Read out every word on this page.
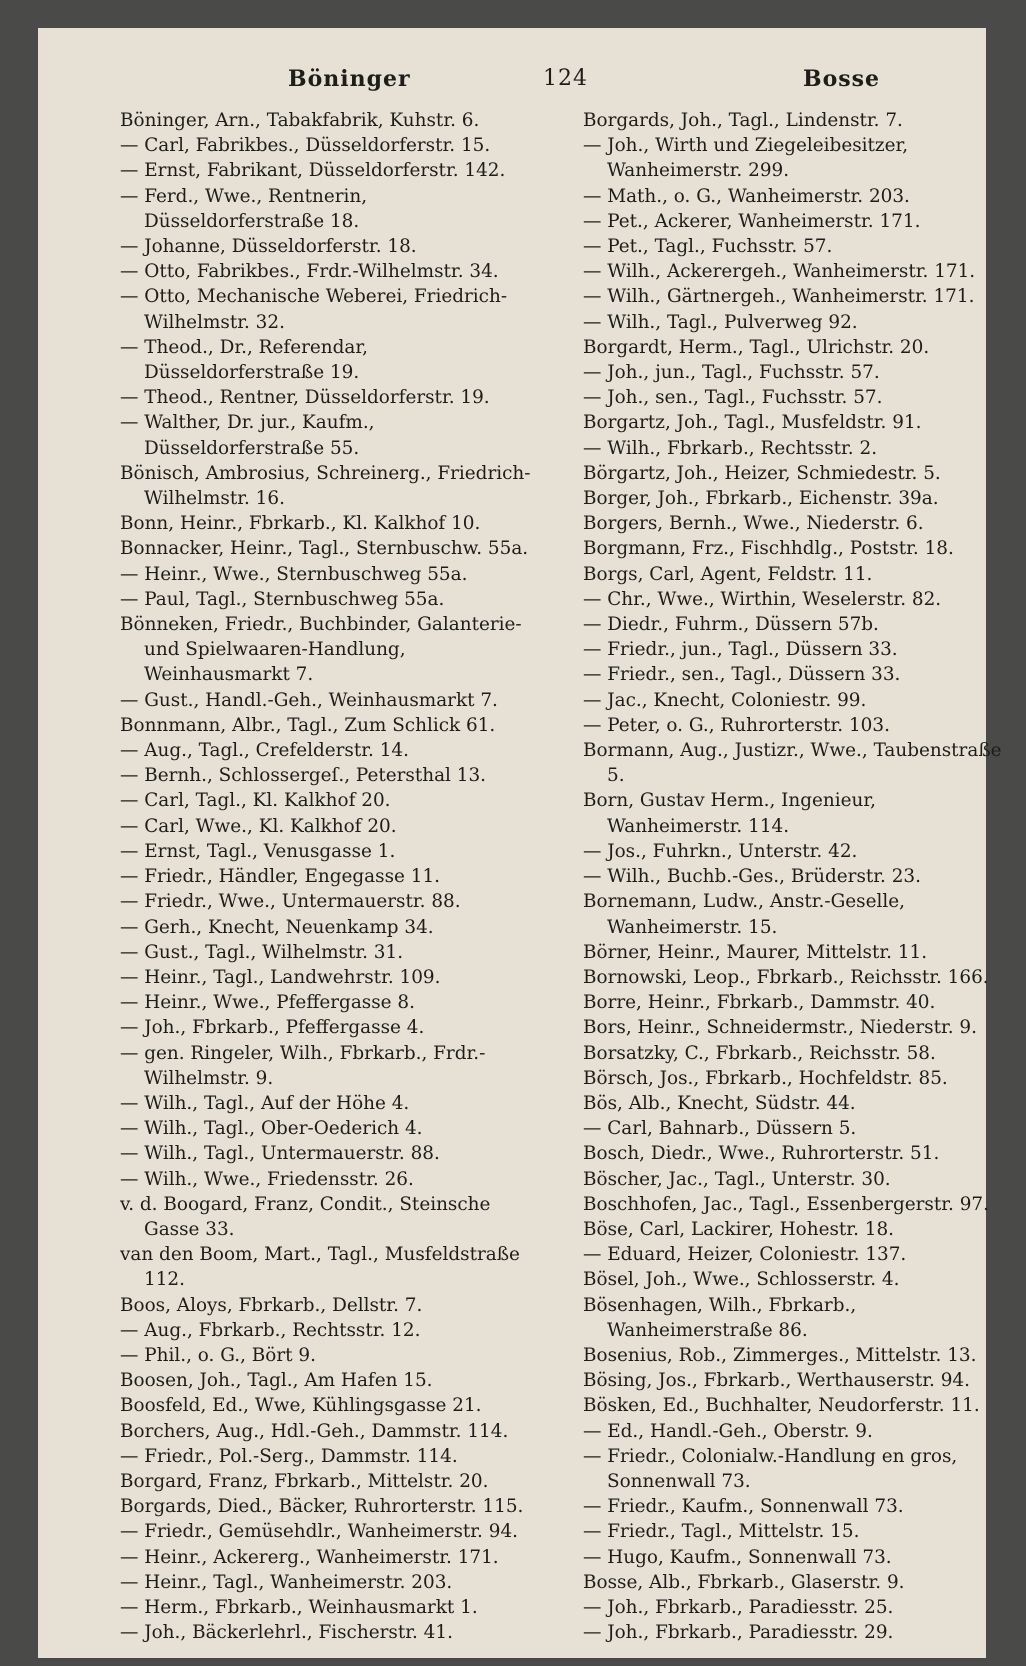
Böninger	124	Bosse
Böninger, Arn., Tabakfabrik, Kuhstr. 6.
— Carl, Fabrikbes., Düsseldorferstr. 15.
— Ernst, Fabrikant, Düsseldorferstr. 142.
— Ferd., Wwe., Rentnerin, Düsseldorferstraße 18.
— Johanne, Düsseldorferstr. 18.
— Otto, Fabrikbes., Frdr.-Wilhelmstr. 34.
— Otto, Mechanische Weberei, Friedrich-Wilhelmstr. 32.
— Theod., Dr., Referendar, Düsseldorferstraße 19.
— Theod., Rentner, Düsseldorferstr. 19.
— Walther, Dr. jur., Kaufm., Düsseldorferstraße 55.
Bönisch, Ambrosius, Schreinerg., Friedrich-Wilhelmstr. 16.
Bonn, Heinr., Fbrkarb., Kl. Kalkhof 10.
Bonnacker, Heinr., Tagl., Sternbuschw. 55a.
— Heinr., Wwe., Sternbuschweg 55a.
— Paul, Tagl., Sternbuschweg 55a.
Bönneken, Friedr., Buchbinder, Galanterie- und Spielwaaren-Handlung, Weinhausmarkt 7.
— Gust., Handl.-Geh., Weinhausmarkt 7.
Bonnmann, Albr., Tagl., Zum Schlick 61.
— Aug., Tagl., Crefelderstr. 14.
— Bernh., Schlossergeſ., Petersthal 13.
— Carl, Tagl., Kl. Kalkhof 20.
— Carl, Wwe., Kl. Kalkhof 20.
— Ernst, Tagl., Venusgasse 1.
— Friedr., Händler, Engegasse 11.
— Friedr., Wwe., Untermauerstr. 88.
— Gerh., Knecht, Neuenkamp 34.
— Gust., Tagl., Wilhelmstr. 31.
— Heinr., Tagl., Landwehrstr. 109.
— Heinr., Wwe., Pfeffergasse 8.
— Joh., Fbrkarb., Pfeffergasse 4.
— gen. Ringeler, Wilh., Fbrkarb., Frdr.-Wilhelmstr. 9.
— Wilh., Tagl., Auf der Höhe 4.
— Wilh., Tagl., Ober-Oederich 4.
— Wilh., Tagl., Untermauerstr. 88.
— Wilh., Wwe., Friedensstr. 26.
v. d. Boogard, Franz, Condit., Steinsche Gasse 33.
van den Boom, Mart., Tagl., Musfeldstraße 112.
Boos, Aloys, Fbrkarb., Dellstr. 7.
— Aug., Fbrkarb., Rechtsstr. 12.
— Phil., o. G., Bört 9.
Boosen, Joh., Tagl., Am Hafen 15.
Boosfeld, Ed., Wwe, Kühlingsgasse 21.
Borchers, Aug., Hdl.-Geh., Dammstr. 114.
— Friedr., Pol.-Serg., Dammstr. 114.
Borgard, Franz, Fbrkarb., Mittelstr. 20.
Borgards, Died., Bäcker, Ruhrorterstr. 115.
— Friedr., Gemüsehdlr., Wanheimerstr. 94.
— Heinr., Ackererg., Wanheimerstr. 171.
— Heinr., Tagl., Wanheimerstr. 203.
— Herm., Fbrkarb., Weinhausmarkt 1.
— Joh., Bäckerlehrl., Fischerstr. 41.
Borgards, Joh., Tagl., Lindenstr. 7.
— Joh., Wirth und Ziegeleibesitzer, Wanheimerstr. 299.
— Math., o. G., Wanheimerstr. 203.
— Pet., Ackerer, Wanheimerstr. 171.
— Pet., Tagl., Fuchsstr. 57.
— Wilh., Ackerergeh., Wanheimerstr. 171.
— Wilh., Gärtnergeh., Wanheimerstr. 171.
— Wilh., Tagl., Pulverweg 92.
Borgardt, Herm., Tagl., Ulrichstr. 20.
— Joh., jun., Tagl., Fuchsstr. 57.
— Joh., sen., Tagl., Fuchsstr. 57.
Borgartz, Joh., Tagl., Musfeldstr. 91.
— Wilh., Fbrkarb., Rechtsstr. 2.
Börgartz, Joh., Heizer, Schmiedestr. 5.
Borger, Joh., Fbrkarb., Eichenstr. 39a.
Borgers, Bernh., Wwe., Niederstr. 6.
Borgmann, Frz., Fischhdlg., Poststr. 18.
Borgs, Carl, Agent, Feldstr. 11.
— Chr., Wwe., Wirthin, Weselerstr. 82.
— Diedr., Fuhrm., Düssern 57b.
— Friedr., jun., Tagl., Düssern 33.
— Friedr., sen., Tagl., Düssern 33.
— Jac., Knecht, Coloniestr. 99.
— Peter, o. G., Ruhrorterstr. 103.
Bormann, Aug., Justizr., Wwe., Taubenstraße 5.
Born, Gustav Herm., Ingenieur, Wanheimerstr. 114.
— Jos., Fuhrkn., Unterstr. 42.
— Wilh., Buchb.-Ges., Brüderstr. 23.
Bornemann, Ludw., Anstr.-Geselle, Wanheimerstr. 15.
Börner, Heinr., Maurer, Mittelstr. 11.
Bornowski, Leop., Fbrkarb., Reichsstr. 166.
Borre, Heinr., Fbrkarb., Dammstr. 40.
Bors, Heinr., Schneidermstr., Niederstr. 9.
Borsatzky, C., Fbrkarb., Reichsstr. 58.
Börsch, Jos., Fbrkarb., Hochfeldstr. 85.
Bös, Alb., Knecht, Südstr. 44.
— Carl, Bahnarb., Düssern 5.
Bosch, Diedr., Wwe., Ruhrorterstr. 51.
Böscher, Jac., Tagl., Unterstr. 30.
Boschhofen, Jac., Tagl., Essenbergerstr. 97.
Böse, Carl, Lackirer, Hohestr. 18.
— Eduard, Heizer, Coloniestr. 137.
Bösel, Joh., Wwe., Schlosserstr. 4.
Bösenhagen, Wilh., Fbrkarb., Wanheimerstraße 86.
Bosenius, Rob., Zimmerges., Mittelstr. 13.
Bösing, Jos., Fbrkarb., Werthauserstr. 94.
Bösken, Ed., Buchhalter, Neudorferstr. 11.
— Ed., Handl.-Geh., Oberstr. 9.
— Friedr., Colonialw.-Handlung en gros, Sonnenwall 73.
— Friedr., Kaufm., Sonnenwall 73.
— Friedr., Tagl., Mittelstr. 15.
— Hugo, Kaufm., Sonnenwall 73.
Bosse, Alb., Fbrkarb., Glaserstr. 9.
— Joh., Fbrkarb., Paradiesstr. 25.
— Joh., Fbrkarb., Paradiesstr. 29.
